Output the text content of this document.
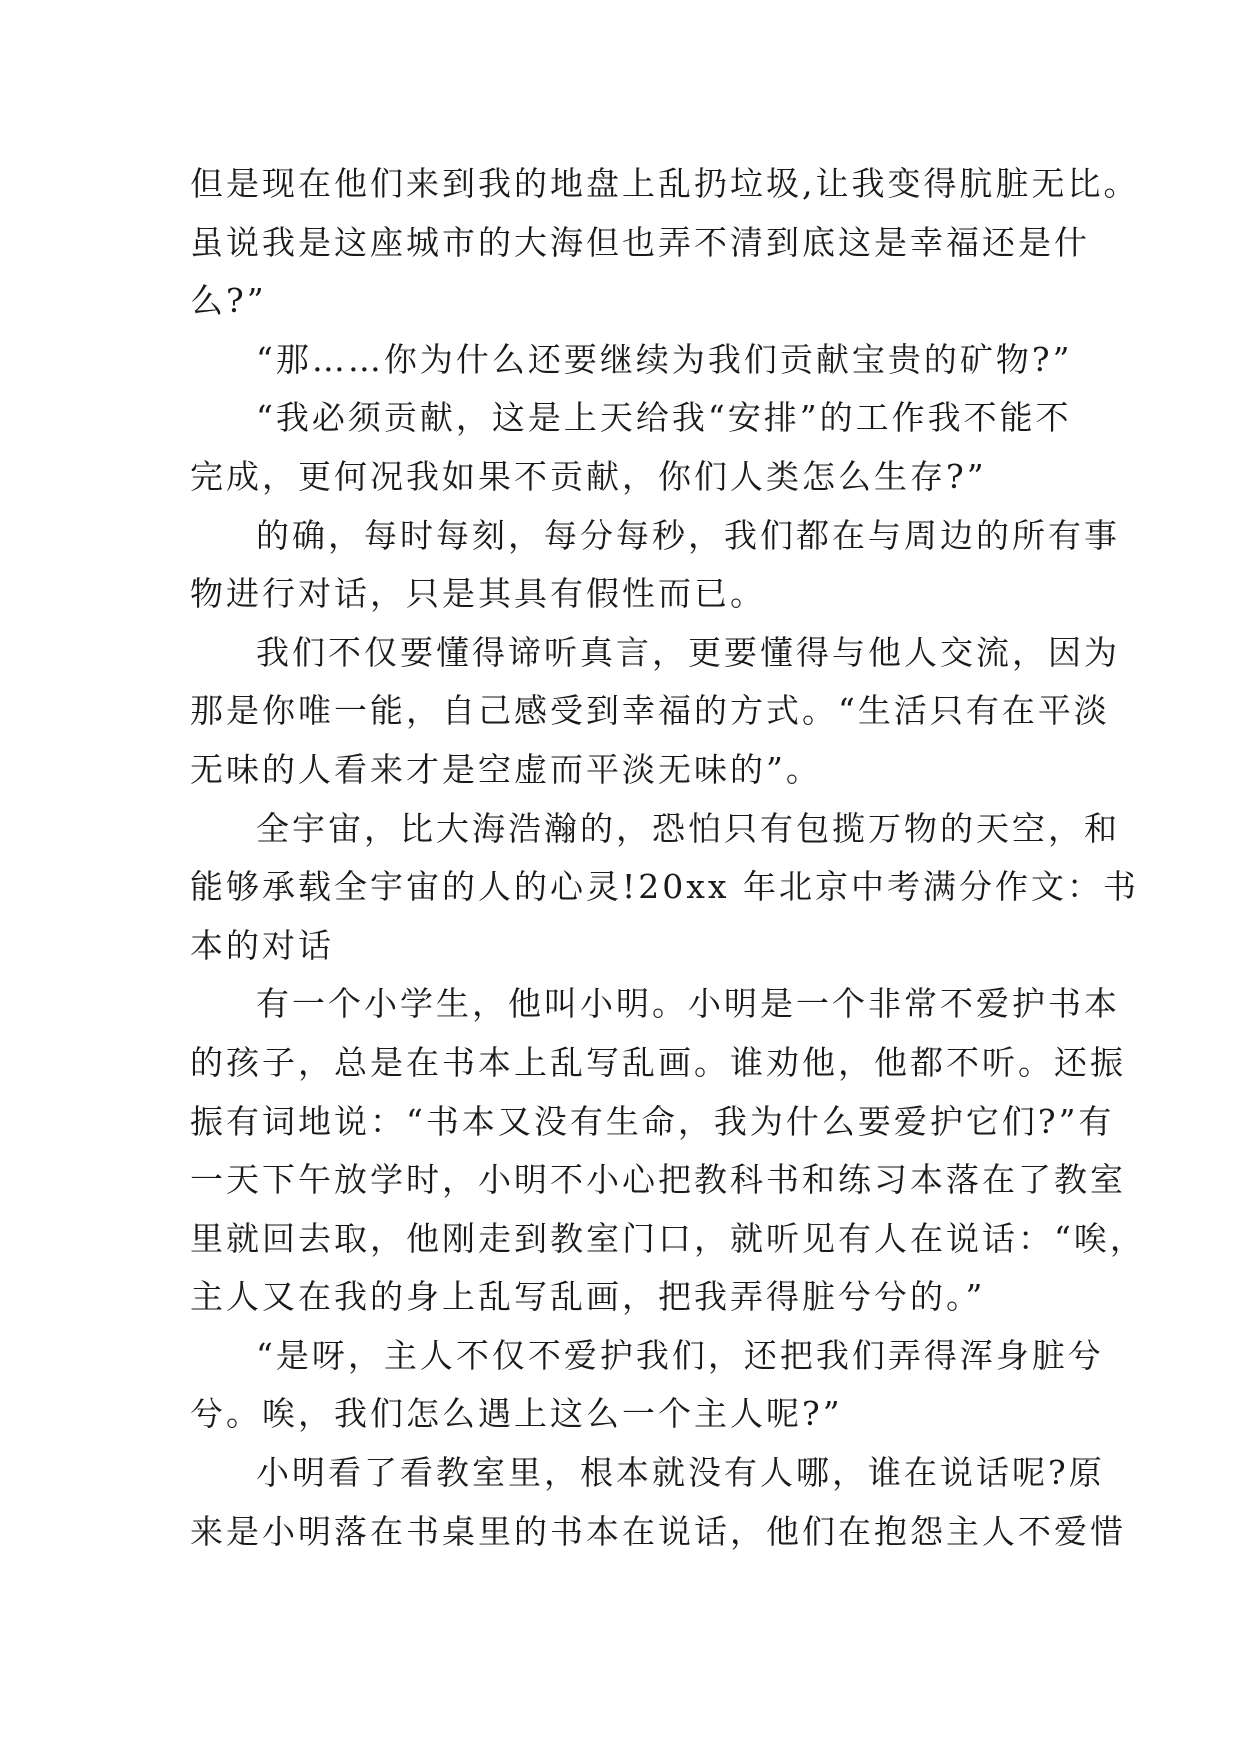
但是现在他们来到我的地盘上乱扔垃圾,让我变得肮脏无比。
虽说我是这座城市的大海但也弄不清到底这是幸福还是什
么?”
“那……你为什么还要继续为我们贡献宝贵的矿物?”
“我必须贡献，这是上天给我“安排”的工作我不能不
完成，更何况我如果不贡献，你们人类怎么生存?”
的确，每时每刻，每分每秒，我们都在与周边的所有事
物进行对话，只是其具有假性而已。
我们不仅要懂得谛听真言，更要懂得与他人交流，因为
那是你唯一能，自己感受到幸福的方式。“生活只有在平淡
无味的人看来才是空虚而平淡无味的”。
全宇宙，比大海浩瀚的，恐怕只有包揽万物的天空，和
能够承载全宇宙的人的心灵!20xx 年北京中考满分作文：书
本的对话
有一个小学生，他叫小明。小明是一个非常不爱护书本
的孩子，总是在书本上乱写乱画。谁劝他，他都不听。还振
振有词地说：“书本又没有生命，我为什么要爱护它们?”有
一天下午放学时，小明不小心把教科书和练习本落在了教室
里就回去取，他刚走到教室门口，就听见有人在说话：“唉，
主人又在我的身上乱写乱画，把我弄得脏兮兮的。”
“是呀，主人不仅不爱护我们，还把我们弄得浑身脏兮
兮。唉，我们怎么遇上这么一个主人呢?”
小明看了看教室里，根本就没有人哪，谁在说话呢?原
来是小明落在书桌里的书本在说话，他们在抱怨主人不爱惜
